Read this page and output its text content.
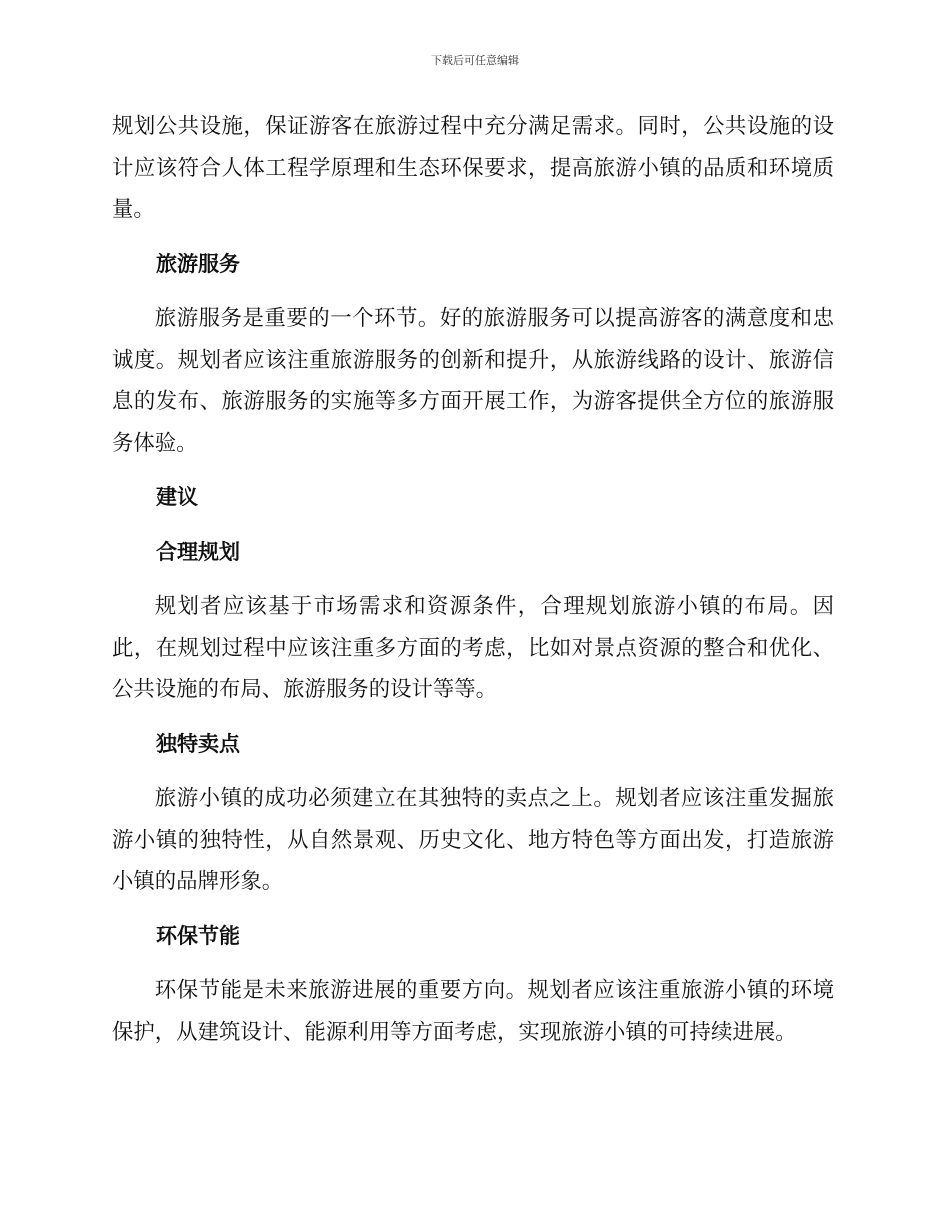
下载后可任意编辑

规划公共设施，保证游客在旅游过程中充分满足需求。同时，公共设施的设计应该符合人体工程学原理和生态环保要求，提高旅游小镇的品质和环境质量。

旅游服务

旅游服务是重要的一个环节。好的旅游服务可以提高游客的满意度和忠诚度。规划者应该注重旅游服务的创新和提升，从旅游线路的设计、旅游信息的发布、旅游服务的实施等多方面开展工作，为游客提供全方位的旅游服务体验。

建议
合理规划

规划者应该基于市场需求和资源条件，合理规划旅游小镇的布局。因此，在规划过程中应该注重多方面的考虑，比如对景点资源的整合和优化、公共设施的布局、旅游服务的设计等等。

独特卖点

旅游小镇的成功必须建立在其独特的卖点之上。规划者应该注重发掘旅游小镇的独特性，从自然景观、历史文化、地方特色等方面出发，打造旅游小镇的品牌形象。

环保节能

环保节能是未来旅游进展的重要方向。规划者应该注重旅游小镇的环境保护，从建筑设计、能源利用等方面考虑，实现旅游小镇的可持续进展。
